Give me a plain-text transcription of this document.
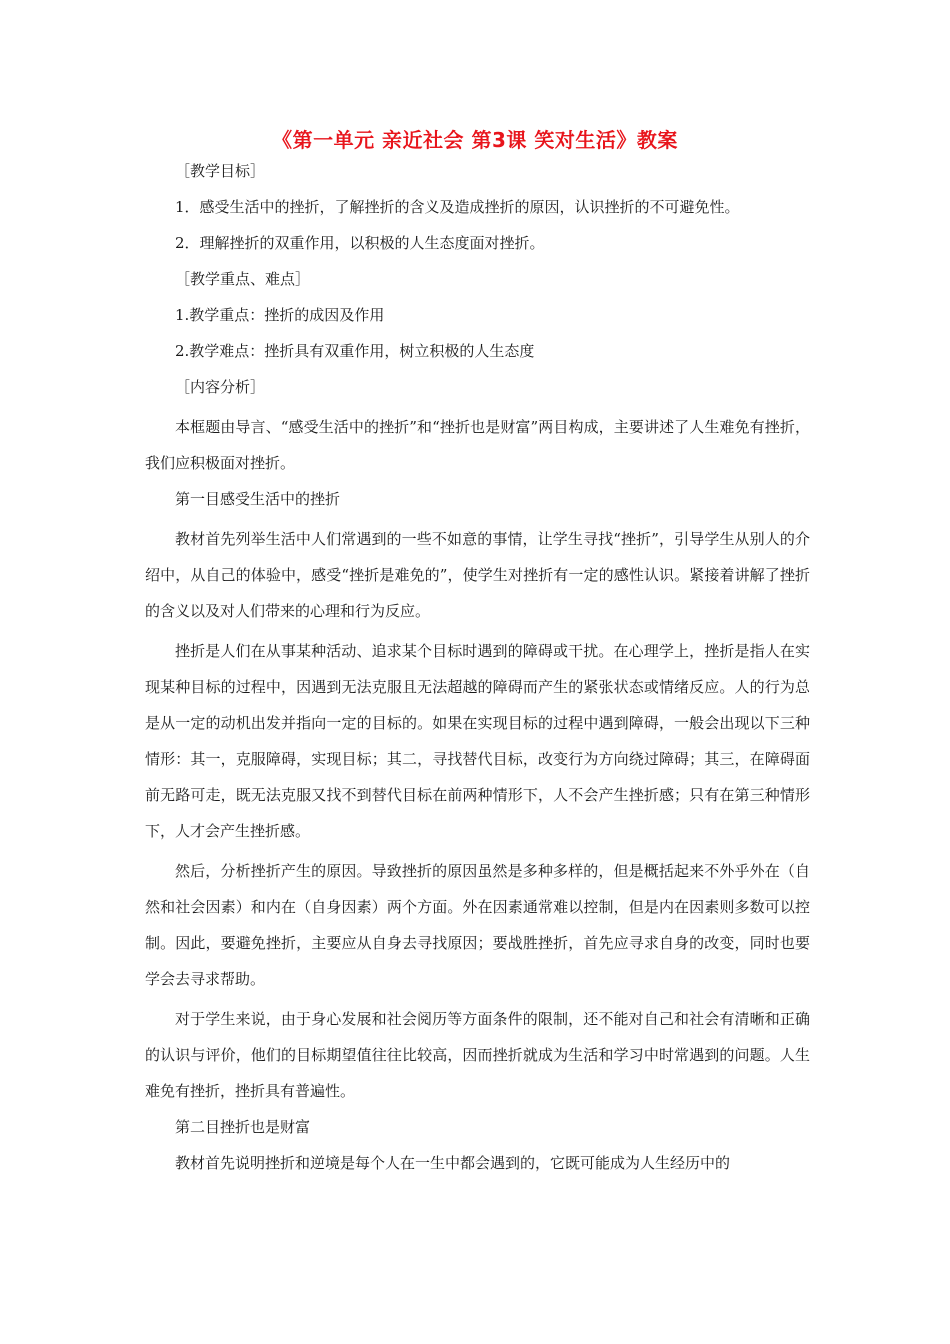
《第一单元 亲近社会 第3课 笑对生活》教案

［教学目标］

1．感受生活中的挫折，了解挫折的含义及造成挫折的原因，认识挫折的不可避免性。

2．理解挫折的双重作用，以积极的人生态度面对挫折。

［教学重点、难点］

1.教学重点：挫折的成因及作用

2.教学难点：挫折具有双重作用，树立积极的人生态度

［内容分析］

本框题由导言、“感受生活中的挫折”和“挫折也是财富”两目构成，主要讲述了人生难免有挫折，我们应积极面对挫折。

第一目感受生活中的挫折

教材首先列举生活中人们常遇到的一些不如意的事情，让学生寻找“挫折”，引导学生从别人的介绍中，从自己的体验中，感受“挫折是难免的”，使学生对挫折有一定的感性认识。紧接着讲解了挫折的含义以及对人们带来的心理和行为反应。

挫折是人们在从事某种活动、追求某个目标时遇到的障碍或干扰。在心理学上，挫折是指人在实现某种目标的过程中，因遇到无法克服且无法超越的障碍而产生的紧张状态或情绪反应。人的行为总是从一定的动机出发并指向一定的目标的。如果在实现目标的过程中遇到障碍，一般会出现以下三种情形：其一，克服障碍，实现目标；其二，寻找替代目标，改变行为方向绕过障碍；其三，在障碍面前无路可走，既无法克服又找不到替代目标在前两种情形下，人不会产生挫折感；只有在第三种情形下，人才会产生挫折感。

然后，分析挫折产生的原因。导致挫折的原因虽然是多种多样的，但是概括起来不外乎外在（自然和社会因素）和内在（自身因素）两个方面。外在因素通常难以控制，但是内在因素则多数可以控制。因此，要避免挫折，主要应从自身去寻找原因；要战胜挫折，首先应寻求自身的改变，同时也要学会去寻求帮助。

对于学生来说，由于身心发展和社会阅历等方面条件的限制，还不能对自己和社会有清晰和正确的认识与评价，他们的目标期望值往往比较高，因而挫折就成为生活和学习中时常遇到的问题。人生难免有挫折，挫折具有普遍性。

第二目挫折也是财富

教材首先说明挫折和逆境是每个人在一生中都会遇到的，它既可能成为人生经历中的
